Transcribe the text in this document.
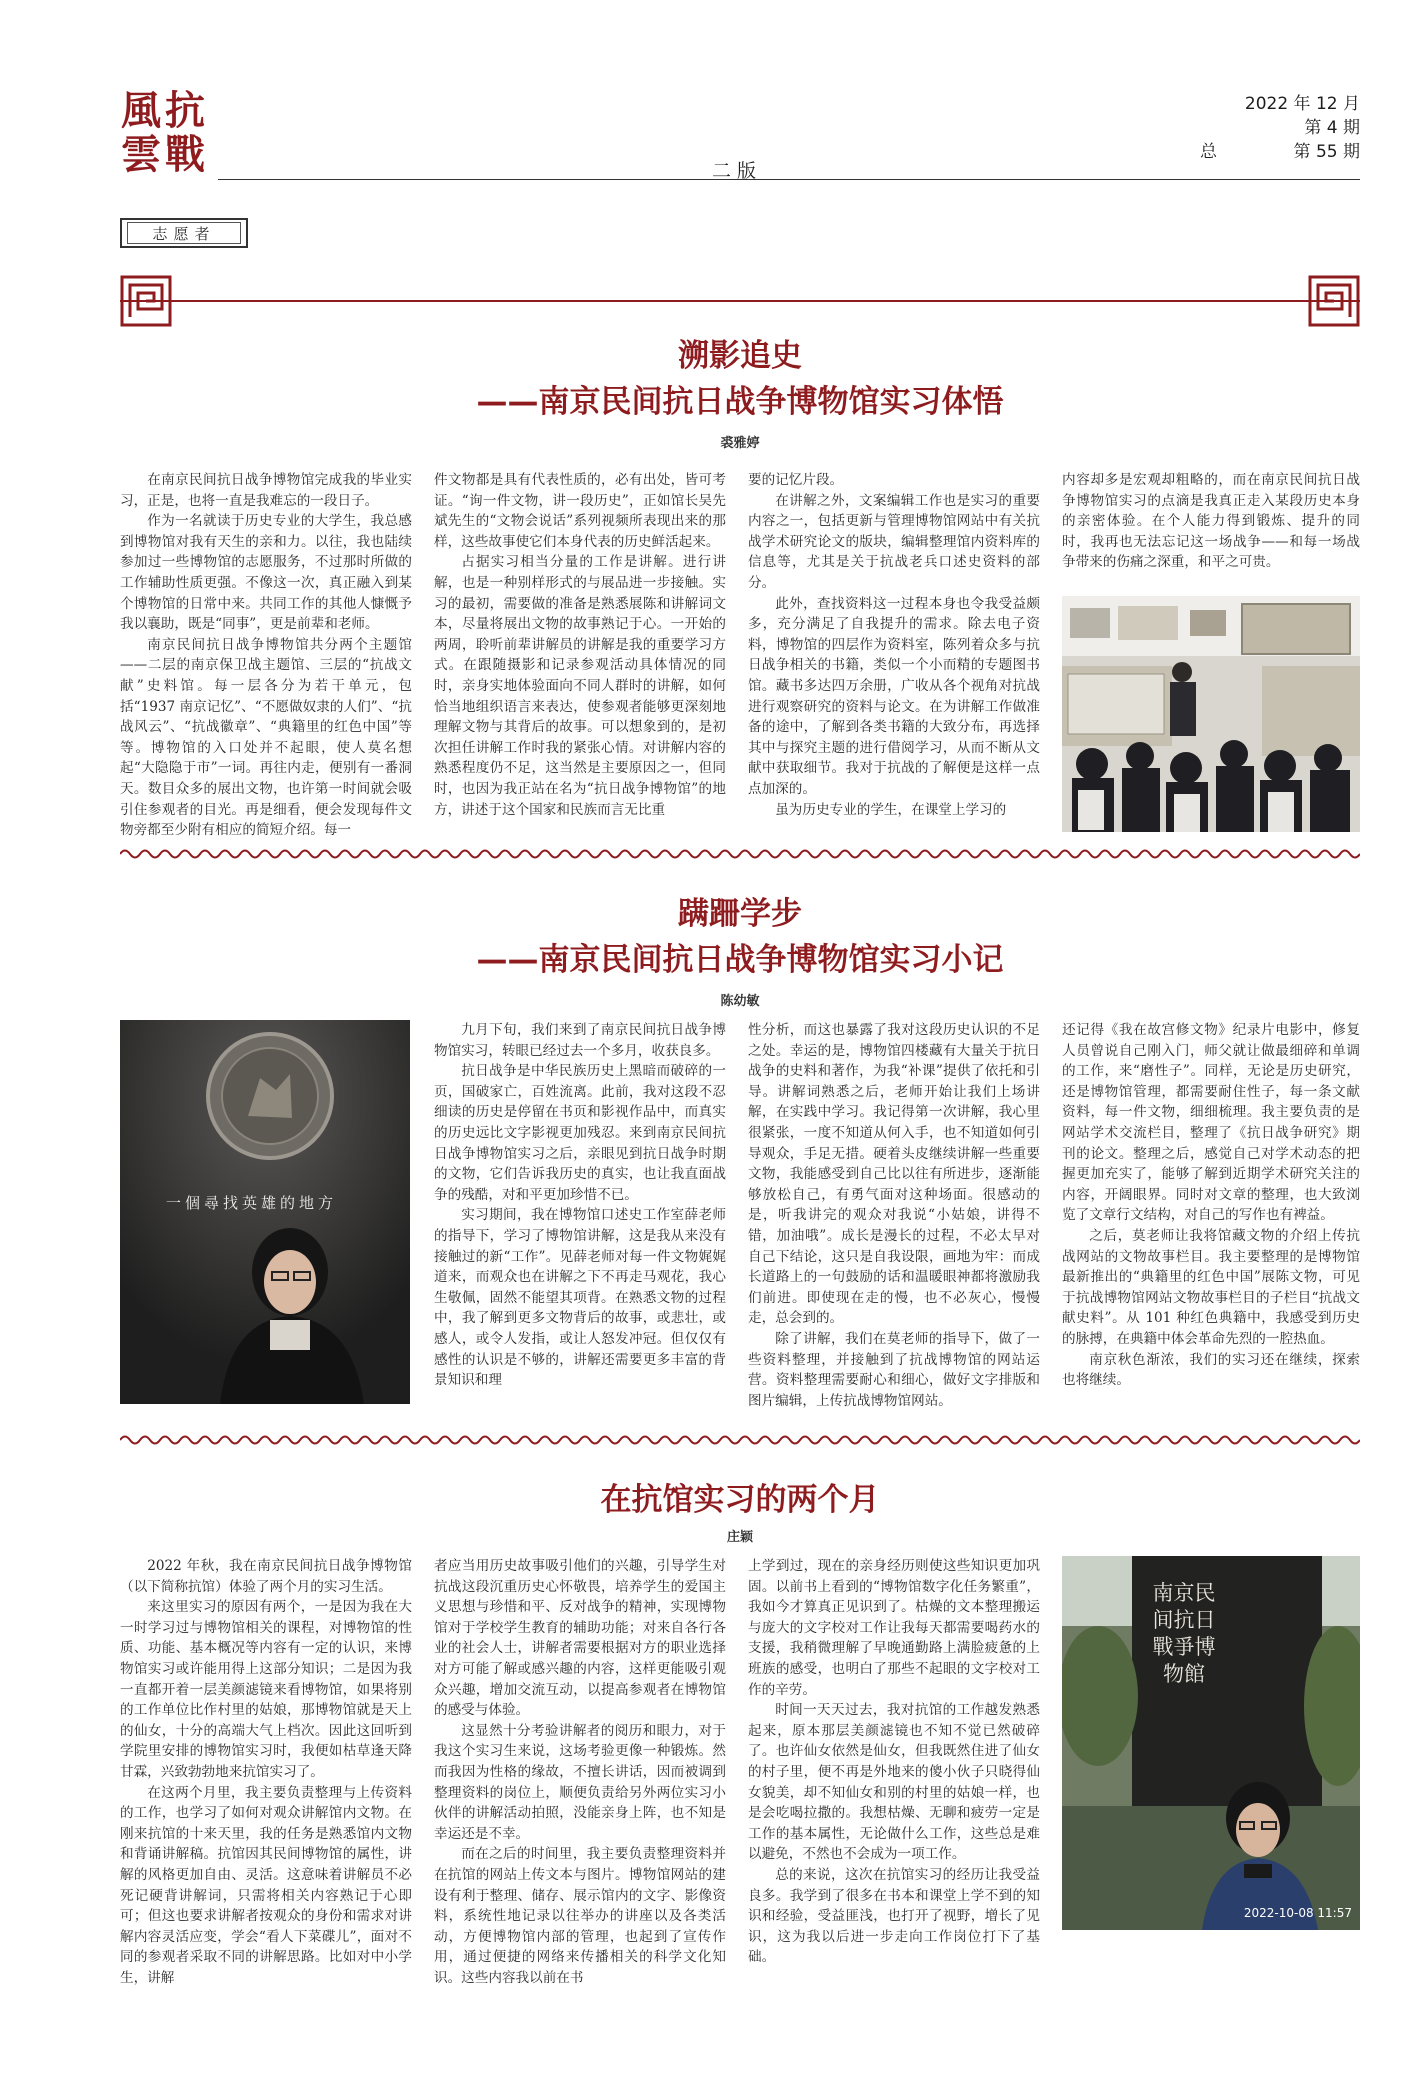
風 抗
雲 戰
2022 年 12 月
第 4 期
总	第 55 期
二 版
志愿者
溯影追史
——南京民间抗日战争博物馆实习体悟
裘雅婷

在南京民间抗日战争博物馆完成我的毕业实习，正是，也将一直是我难忘的一段日子。

作为一名就读于历史专业的大学生，我总感到博物馆对我有天生的亲和力。以往，我也陆续参加过一些博物馆的志愿服务，不过那时所做的工作辅助性质更强。不像这一次，真正融入到某个博物馆的日常中来。共同工作的其他人慷慨予我以襄助，既是“同事”，更是前辈和老师。

南京民间抗日战争博物馆共分两个主题馆——二层的南京保卫战主题馆、三层的“抗战文献”史料馆。每一层各分为若干单元，包括“1937 南京记忆”、“不愿做奴隶的人们”、“抗战风云”、“抗战徽章”、“典籍里的红色中国”等等。博物馆的入口处并不起眼，使人莫名想起“大隐隐于市”一词。再往内走，便别有一番洞天。数目众多的展出文物，也许第一时间就会吸引住参观者的目光。再是细看，便会发现每件文物旁都至少附有相应的简短介绍。每一

件文物都是具有代表性质的，必有出处，皆可考证。“询一件文物，讲一段历史”，正如馆长吴先斌先生的“文物会说话”系列视频所表现出来的那样，这些故事使它们本身代表的历史鲜活起来。

占据实习相当分量的工作是讲解。进行讲解，也是一种别样形式的与展品进一步接触。实习的最初，需要做的准备是熟悉展陈和讲解词文本，尽量将展出文物的故事熟记于心。一开始的两周，聆听前辈讲解员的讲解是我的重要学习方式。在跟随摄影和记录参观活动具体情况的同时，亲身实地体验面向不同人群时的讲解，如何恰当地组织语言来表达，使参观者能够更深刻地理解文物与其背后的故事。可以想象到的，是初次担任讲解工作时我的紧张心情。对讲解内容的熟悉程度仍不足，这当然是主要原因之一，但同时，也因为我正站在名为“抗日战争博物馆”的地方，讲述于这个国家和民族而言无比重

要的记忆片段。

在讲解之外，文案编辑工作也是实习的重要内容之一，包括更新与管理博物馆网站中有关抗战学术研究论文的版块，编辑整理馆内资料库的信息等，尤其是关于抗战老兵口述史资料的部分。

此外，查找资料这一过程本身也令我受益颇多，充分满足了自我提升的需求。除去电子资料，博物馆的四层作为资料室，陈列着众多与抗日战争相关的书籍，类似一个小而精的专题图书馆。藏书多达四万余册，广收从各个视角对抗战进行观察研究的资料与论文。在为讲解工作做准备的途中，了解到各类书籍的大致分布，再选择其中与探究主题的进行借阅学习，从而不断从文献中获取细节。我对于抗战的了解便是这样一点点加深的。

虽为历史专业的学生，在课堂上学习的

内容却多是宏观却粗略的，而在南京民间抗日战争博物馆实习的点滴是我真正走入某段历史本身的亲密体验。在个人能力得到锻炼、提升的同时，我再也无法忘记这一场战争——和每一场战争带来的伤痛之深重，和平之可贵。

蹒跚学步
——南京民间抗日战争博物馆实习小记
陈幼敏
一個尋找英雄的地方

九月下旬，我们来到了南京民间抗日战争博物馆实习，转眼已经过去一个多月，收获良多。

抗日战争是中华民族历史上黑暗而破碎的一页，国破家亡，百姓流离。此前，我对这段不忍细读的历史是停留在书页和影视作品中，而真实的历史远比文字影视更加残忍。来到南京民间抗日战争博物馆实习之后，亲眼见到抗日战争时期的文物，它们告诉我历史的真实，也让我直面战争的残酷，对和平更加珍惜不已。

实习期间，我在博物馆口述史工作室薛老师的指导下，学习了博物馆讲解，这是我从来没有接触过的新“工作”。见薛老师对每一件文物娓娓道来，而观众也在讲解之下不再走马观花，我心生敬佩，固然不能望其项背。在熟悉文物的过程中，我了解到更多文物背后的故事，或悲壮，或感人，或令人发指，或让人怒发冲冠。但仅仅有感性的认识是不够的，讲解还需要更多丰富的背景知识和理

性分析，而这也暴露了我对这段历史认识的不足之处。幸运的是，博物馆四楼藏有大量关于抗日战争的史料和著作，为我“补课”提供了依托和引导。讲解词熟悉之后，老师开始让我们上场讲解，在实践中学习。我记得第一次讲解，我心里很紧张，一度不知道从何入手，也不知道如何引导观众，手足无措。硬着头皮继续讲解一些重要文物，我能感受到自己比以往有所进步，逐渐能够放松自己，有勇气面对这种场面。很感动的是，听我讲完的观众对我说“小姑娘，讲得不错，加油哦”。成长是漫长的过程，不必太早对自己下结论，这只是自我设限，画地为牢：而成长道路上的一句鼓励的话和温暖眼神都将激励我们前进。即使现在走的慢，也不必灰心，慢慢走，总会到的。

除了讲解，我们在莫老师的指导下，做了一些资料整理，并接触到了抗战博物馆的网站运营。资料整理需要耐心和细心，做好文字排版和图片编辑，上传抗战博物馆网站。

还记得《我在故宫修文物》纪录片电影中，修复人员曾说自己刚入门，师父就让做最细碎和单调的工作，来“磨性子”。同样，无论是历史研究，还是博物馆管理，都需要耐住性子，每一条文献资料，每一件文物，细细梳理。我主要负责的是网站学术交流栏目，整理了《抗日战争研究》期刊的论文。整理之后，感觉自己对学术动态的把握更加充实了，能够了解到近期学术研究关注的内容，开阔眼界。同时对文章的整理，也大致浏览了文章行文结构，对自己的写作也有裨益。

之后，莫老师让我将馆藏文物的介绍上传抗战网站的文物故事栏目。我主要整理的是博物馆最新推出的“典籍里的红色中国”展陈文物，可见于抗战博物馆网站文物故事栏目的子栏目“抗战文献史料”。从 101 种红色典籍中，我感受到历史的脉搏，在典籍中体会革命先烈的一腔热血。

南京秋色渐浓，我们的实习还在继续，探索也将继续。

在抗馆实习的两个月
庄颖

2022 年秋，我在南京民间抗日战争博物馆（以下简称抗馆）体验了两个月的实习生活。

来这里实习的原因有两个，一是因为我在大一时学习过与博物馆相关的课程，对博物馆的性质、功能、基本概况等内容有一定的认识，来博物馆实习或许能用得上这部分知识；二是因为我一直都开着一层美颜滤镜来看博物馆，如果将别的工作单位比作村里的姑娘，那博物馆就是天上的仙女，十分的高端大气上档次。因此这回听到学院里安排的博物馆实习时，我便如枯草逢天降甘霖，兴致勃勃地来抗馆实习了。

在这两个月里，我主要负责整理与上传资料的工作，也学习了如何对观众讲解馆内文物。在刚来抗馆的十来天里，我的任务是熟悉馆内文物和背诵讲解稿。抗馆因其民间博物馆的属性，讲解的风格更加自由、灵活。这意味着讲解员不必死记硬背讲解词，只需将相关内容熟记于心即可；但这也要求讲解者按观众的身份和需求对讲解内容灵活应变，学会“看人下菜碟儿”，面对不同的参观者采取不同的讲解思路。比如对中小学生，讲解

者应当用历史故事吸引他们的兴趣，引导学生对抗战这段沉重历史心怀敬畏，培养学生的爱国主义思想与珍惜和平、反对战争的精神，实现博物馆对于学校学生教育的辅助功能；对来自各行各业的社会人士，讲解者需要根据对方的职业选择对方可能了解或感兴趣的内容，这样更能吸引观众兴趣，增加交流互动，以提高参观者在博物馆的感受与体验。

这显然十分考验讲解者的阅历和眼力，对于我这个实习生来说，这场考验更像一种锻炼。然而我因为性格的缘故，不擅长讲话，因而被调到整理资料的岗位上，顺便负责给另外两位实习小伙伴的讲解活动拍照，没能亲身上阵，也不知是幸运还是不幸。

而在之后的时间里，我主要负责整理资料并在抗馆的网站上传文本与图片。博物馆网站的建设有利于整理、储存、展示馆内的文字、影像资料，系统性地记录以往举办的讲座以及各类活动，方便博物馆内部的管理，也起到了宣传作用，通过便捷的网络来传播相关的科学文化知识。这些内容我以前在书

上学到过，现在的亲身经历则使这些知识更加巩固。以前书上看到的“博物馆数字化任务繁重”，我如今才算真正见识到了。枯燥的文本整理搬运与庞大的文字校对工作让我每天都需要喝药水的支援，我稍微理解了早晚通勤路上满脸疲惫的上班族的感受，也明白了那些不起眼的文字校对工作的辛劳。

时间一天天过去，我对抗馆的工作越发熟悉起来，原本那层美颜滤镜也不知不觉已然破碎了。也许仙女依然是仙女，但我既然住进了仙女的村子里，便不再是外地来的傻小伙子只晓得仙女貌美，却不知仙女和别的村里的姑娘一样，也是会吃喝拉撒的。我想枯燥、无聊和疲劳一定是工作的基本属性，无论做什么工作，这些总是难以避免，不然也不会成为一项工作。

总的来说，这次在抗馆实习的经历让我受益良多。我学到了很多在书本和课堂上学不到的知识和经验，受益匪浅，也打开了视野，增长了见识，这为我以后进一步走向工作岗位打下了基础。

南京民间抗日戰爭博物館
2022-10-08 11:57
